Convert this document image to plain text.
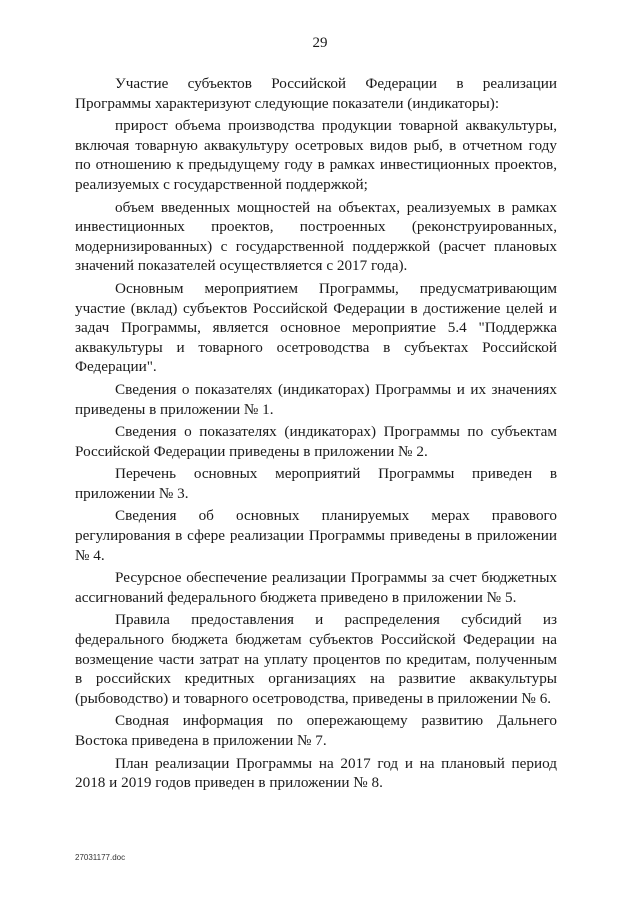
29

Участие субъектов Российской Федерации в реализации Программы характеризуют следующие показатели (индикаторы):

прирост объема производства продукции товарной аквакультуры, включая товарную аквакультуру осетровых видов рыб, в отчетном году по отношению к предыдущему году в рамках инвестиционных проектов, реализуемых с государственной поддержкой;

объем введенных мощностей на объектах, реализуемых в рамках инвестиционных проектов, построенных (реконструированных, модернизированных) с государственной поддержкой (расчет плановых значений показателей осуществляется с 2017 года).

Основным мероприятием Программы, предусматривающим участие (вклад) субъектов Российской Федерации в достижение целей и задач Программы, является основное мероприятие 5.4 "Поддержка аквакультуры и товарного осетроводства в субъектах Российской Федерации".

Сведения о показателях (индикаторах) Программы и их значениях приведены в приложении № 1.

Сведения о показателях (индикаторах) Программы по субъектам Российской Федерации приведены в приложении № 2.

Перечень основных мероприятий Программы приведен в приложении № 3.

Сведения об основных планируемых мерах правового регулирования в сфере реализации Программы приведены в приложении № 4.

Ресурсное обеспечение реализации Программы за счет бюджетных ассигнований федерального бюджета приведено в приложении № 5.

Правила предоставления и распределения субсидий из федерального бюджета бюджетам субъектов Российской Федерации на возмещение части затрат на уплату процентов по кредитам, полученным в российских кредитных организациях на развитие аквакультуры (рыбоводство) и товарного осетроводства, приведены в приложении № 6.

Сводная информация по опережающему развитию Дальнего Востока приведена в приложении № 7.

План реализации Программы на 2017 год и на плановый период 2018 и 2019 годов приведен в приложении № 8.

27031177.doc
